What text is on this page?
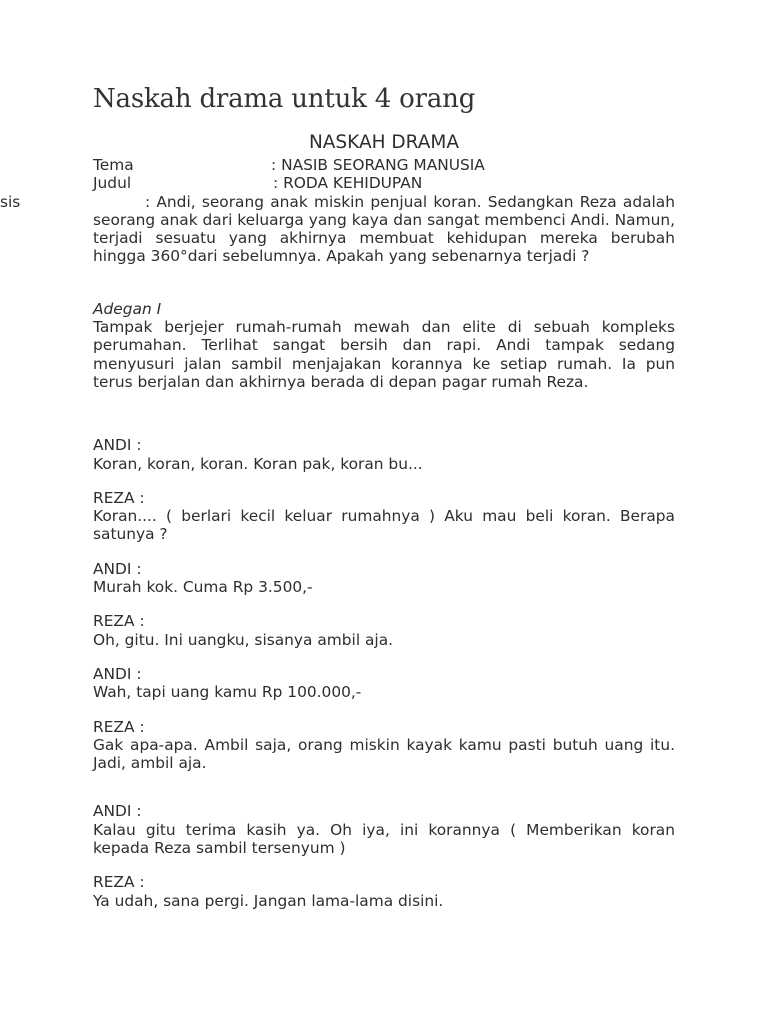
Naskah drama untuk 4 orang
NASKAH DRAMA
Tema	: NASIB SEORANG MANUSIA
Judul	: RODA KEHIDUPAN
sis	: Andi, seorang anak miskin penjual koran. Sedangkan Reza adalah seorang anak dari keluarga yang kaya dan sangat membenci Andi. Namun, terjadi sesuatu yang akhirnya membuat kehidupan mereka berubah hingga 360°dari sebelumnya. Apakah yang sebenarnya terjadi ?

Adegan I

Tampak berjejer rumah-rumah mewah dan elite di sebuah kompleks perumahan. Terlihat sangat bersih dan rapi. Andi tampak sedang menyusuri jalan sambil menjajakan korannya ke setiap rumah. Ia pun terus berjalan dan akhirnya berada di depan pagar rumah Reza.

ANDI :
Koran, koran, koran. Koran pak, koran bu...
REZA :
Koran.... ( berlari kecil keluar rumahnya ) Aku mau beli koran. Berapa satunya ?
ANDI :
Murah kok. Cuma Rp 3.500,-
REZA :
Oh, gitu. Ini uangku, sisanya ambil aja.
ANDI :
Wah, tapi uang kamu Rp 100.000,-
REZA :
Gak apa-apa. Ambil saja, orang miskin kayak kamu pasti butuh uang itu. Jadi, ambil aja.
ANDI :
Kalau gitu terima kasih ya. Oh iya, ini korannya ( Memberikan koran kepada Reza sambil tersenyum )
REZA :
Ya udah, sana pergi. Jangan lama-lama disini.
